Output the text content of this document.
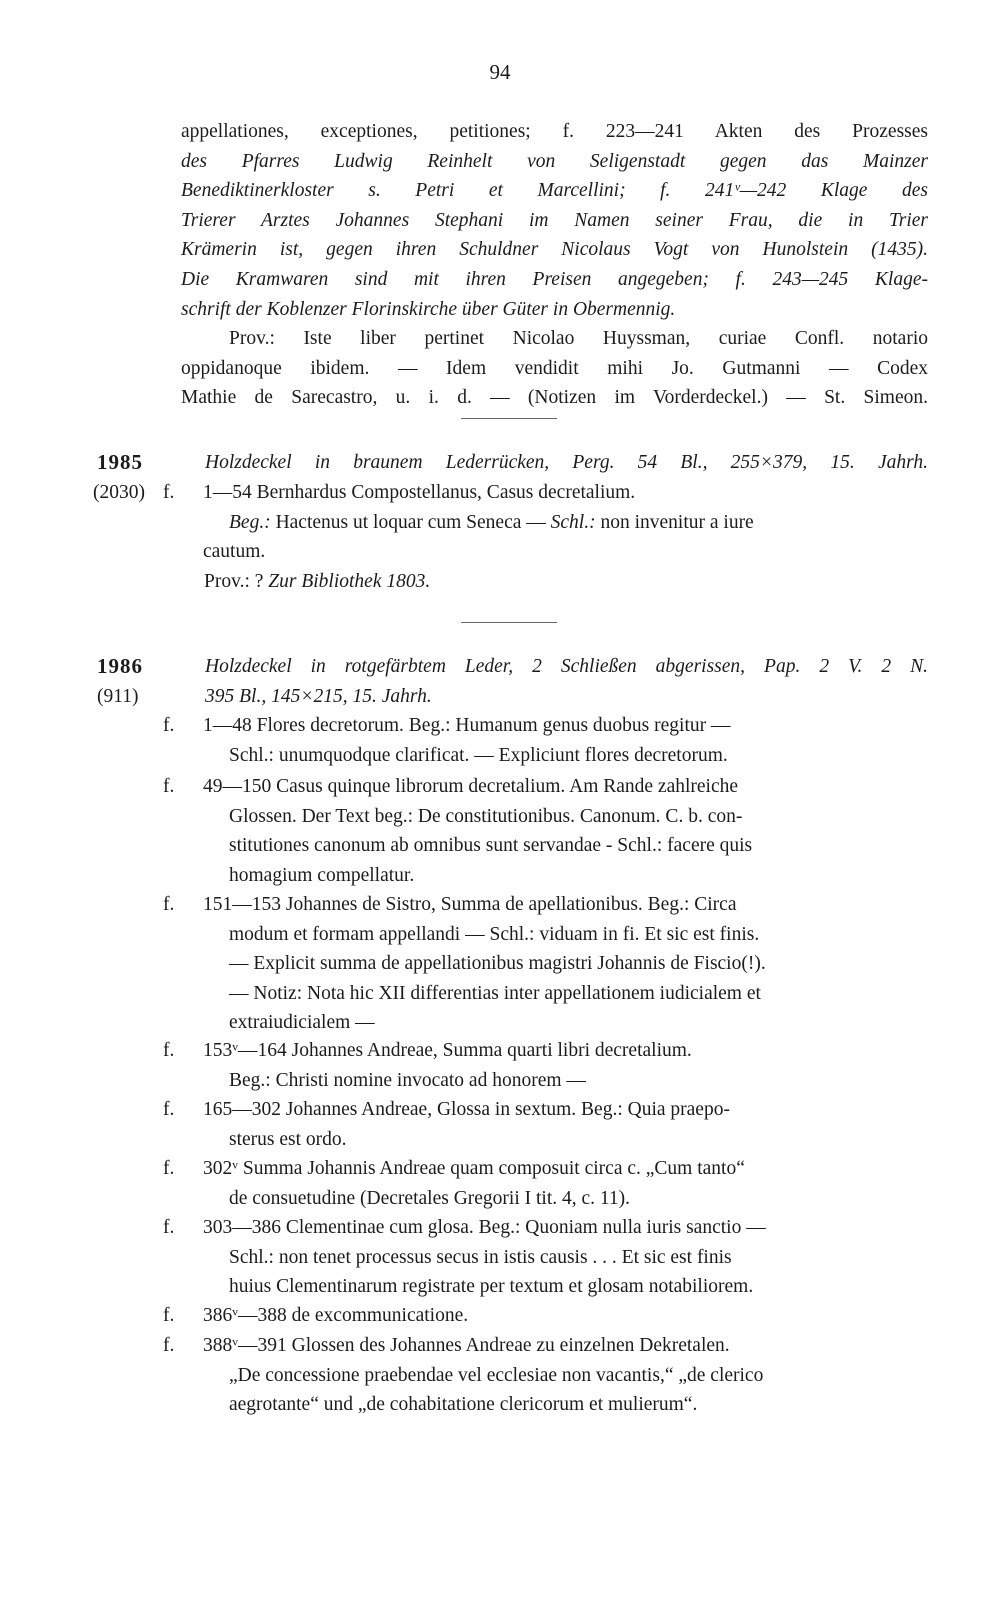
94
appellationes, exceptiones, petitiones; f. 223—241 Akten des Prozesses
des Pfarres Ludwig Reinhelt von Seligenstadt gegen das Mainzer
Benediktinerkloster s. Petri et Marcellini; f. 241ᵛ—242 Klage des
Trierer Arztes Johannes Stephani im Namen seiner Frau, die in Trier
Krämerin ist, gegen ihren Schuldner Nicolaus Vogt von Hunolstein (1435).
Die Kramwaren sind mit ihren Preisen angegeben; f. 243—245 Klage-
schrift der Koblenzer Florinskirche über Güter in Obermennig.
Prov.: Iste liber pertinet Nicolao Huyssman, curiae Confl. notario
oppidanoque ibidem. — Idem vendidit mihi Jo. Gutmanni — Codex
Mathie de Sarecastro, u. i. d. — (Notizen im Vorderdeckel.) — St. Simeon.
1985
(2030)
Holzdeckel in braunem Lederrücken, Perg. 54 Bl., 255×379, 15. Jahrh.
f. 1—54 Bernhardus Compostellanus, Casus decretalium.
Beg.: Hactenus ut loquar cum Seneca — Schl.: non invenitur a iure
cautum.
Prov.: ? Zur Bibliothek 1803.
1986
(911)
Holzdeckel in rotgefärbtem Leder, 2 Schließen abgerissen, Pap. 2 V. 2 N.
395 Bl., 145×215, 15. Jahrh.
f. 1—48 Flores decretorum. Beg.: Humanum genus duobus regitur —
Schl.: unumquodque clarificat. — Expliciunt flores decretorum.
f. 49—150 Casus quinque librorum decretalium. Am Rande zahlreiche
Glossen. Der Text beg.: De constitutionibus. Canonum. C. b. con-
stitutiones canonum ab omnibus sunt servandae - Schl.: facere quis
homagium compellatur.
f. 151—153 Johannes de Sistro, Summa de apellationibus. Beg.: Circa
modum et formam appellandi — Schl.: viduam in fi. Et sic est finis.
— Explicit summa de appellationibus magistri Johannis de Fiscio(!).
— Notiz: Nota hic XII differentias inter appellationem iudicialem et
extraiudicialem —
f. 153ᵛ—164 Johannes Andreae, Summa quarti libri decretalium.
Beg.: Christi nomine invocato ad honorem —
f. 165—302 Johannes Andreae, Glossa in sextum. Beg.: Quia praepo-
sterus est ordo.
f. 302ᵛ Summa Johannis Andreae quam composuit circa c. „Cum tanto“
de consuetudine (Decretales Gregorii I tit. 4, c. 11).
f. 303—386 Clementinae cum glosa. Beg.: Quoniam nulla iuris sanctio —
Schl.: non tenet processus secus in istis causis . . . Et sic est finis
huius Clementinarum registrate per textum et glosam notabiliorem.
f. 386ᵛ—388 de excommunicatione.
f. 388ᵛ—391 Glossen des Johannes Andreae zu einzelnen Dekretalen.
„De concessione praebendae vel ecclesiae non vacantis,“ „de clerico
aegrotante“ und „de cohabitatione clericorum et mulierum“.
